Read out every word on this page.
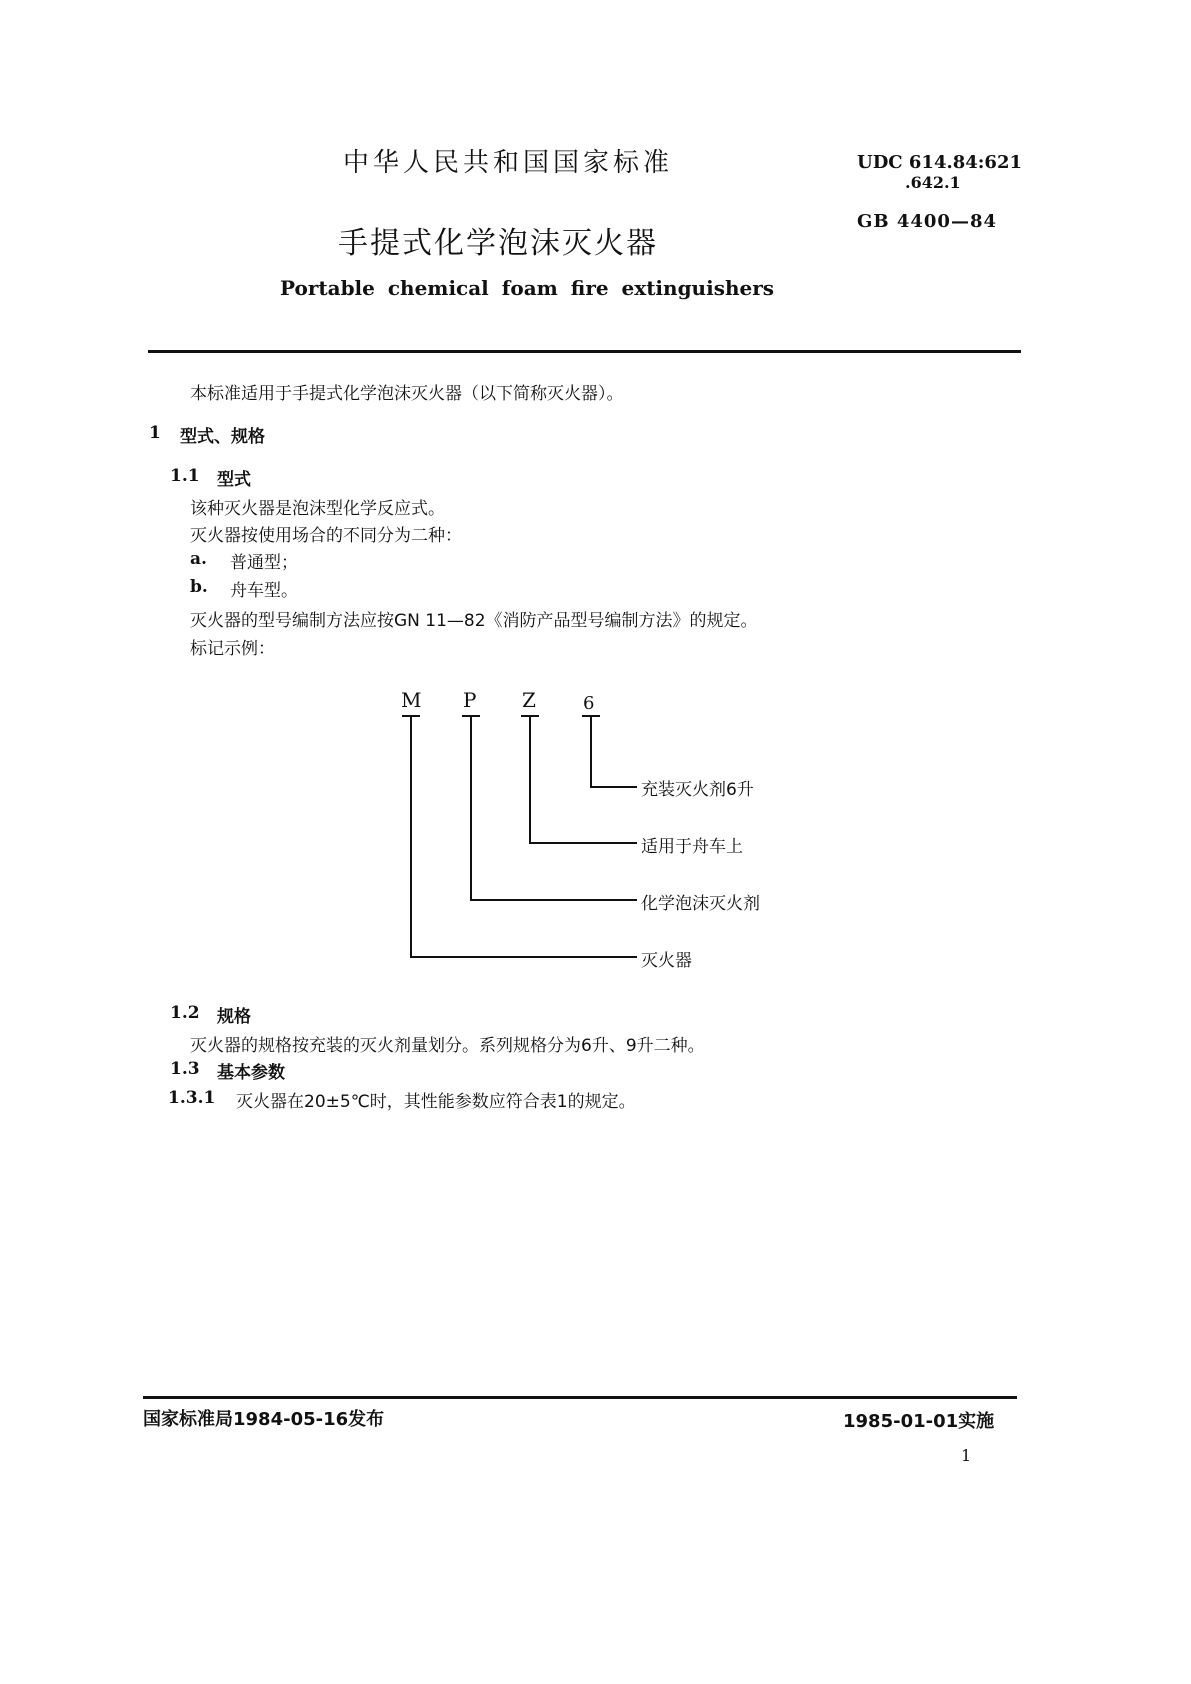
中华人民共和国国家标准	UDC 614.84:621
.642.1
GB 4400—84
手提式化学泡沫灭火器
Portable chemical foam fire extinguishers
本标准适用于手提式化学泡沫灭火器（以下简称灭火器）。
1 型式、规格
1.1 型式
该种灭火器是泡沫型化学反应式。
灭火器按使用场合的不同分为二种：
a. 普通型；
b. 舟车型。
灭火器的型号编制方法应按GN 11—82《消防产品型号编制方法》的规定。
标记示例：
M P Z	6
充装灭火剂6升
适用于舟车上
化学泡沫灭火剂
灭火器
1.2 规格
灭火器的规格按充装的灭火剂量划分。系列规格分为6升、9升二种。
1.3 基本参数
1.3.1 灭火器在20±5℃时，其性能参数应符合表1的规定。
国家标准局1984-05-16发布	1985-01-01实施
1
